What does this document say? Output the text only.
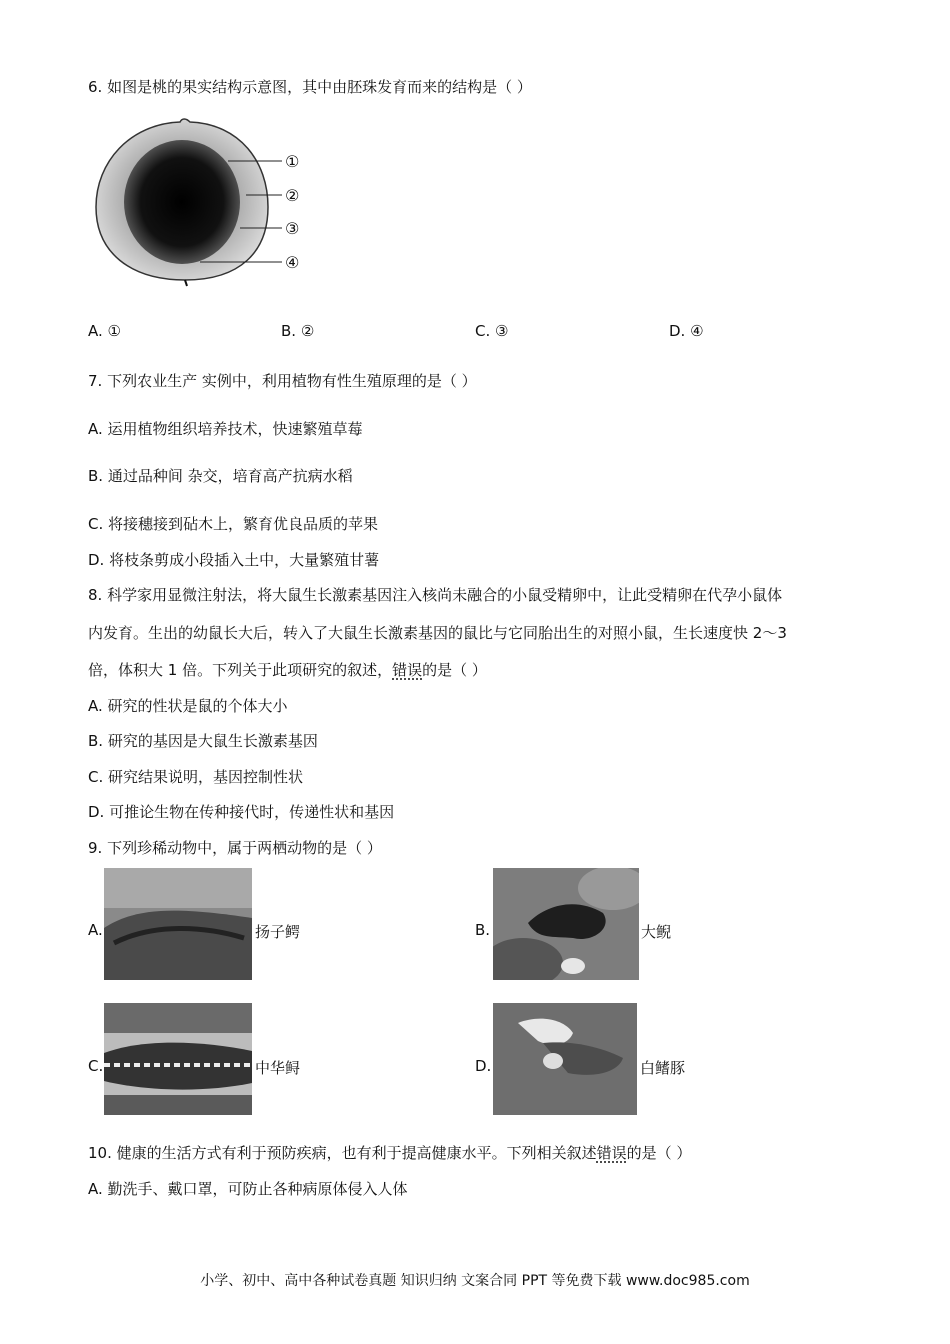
6. 如图是桃的果实结构示意图，其中由胚珠发育而来的结构是（ ）
①
②
③
④
A. ①	B. ②	C. ③	D. ④
7. 下列农业生产 实例中，利用植物有性生殖原理的是（ ）
A. 运用植物组织培养技术，快速繁殖草莓
B. 通过品种间 杂交，培育高产抗病水稻
C. 将接穗接到砧木上，繁育优良品质的苹果
D. 将枝条剪成小段插入土中，大量繁殖甘薯
8. 科学家用显微注射法，将大鼠生长激素基因注入核尚未融合的小鼠受精卵中，让此受精卵在代孕小鼠体
内发育。生出的幼鼠长大后，转入了大鼠生长激素基因的鼠比与它同胎出生的对照小鼠，生长速度快 2～3
倍，体积大 1 倍。下列关于此项研究的叙述，错误的是（ ）
A. 研究的性状是鼠的个体大小
B. 研究的基因是大鼠生长激素基因
C. 研究结果说明，基因控制性状
D. 可推论生物在传种接代时，传递性状和基因
9. 下列珍稀动物中，属于两栖动物的是（ ）
A.	扬子鳄	B.	大鲵
C.	中华鲟	D.	白鳍豚
10. 健康的生活方式有利于预防疾病，也有利于提高健康水平。下列相关叙述错误的是（ ）
A. 勤洗手、戴口罩，可防止各种病原体侵入人体
小学、初中、高中各种试卷真题 知识归纳 文案合同 PPT 等免费下载 www.doc985.com
